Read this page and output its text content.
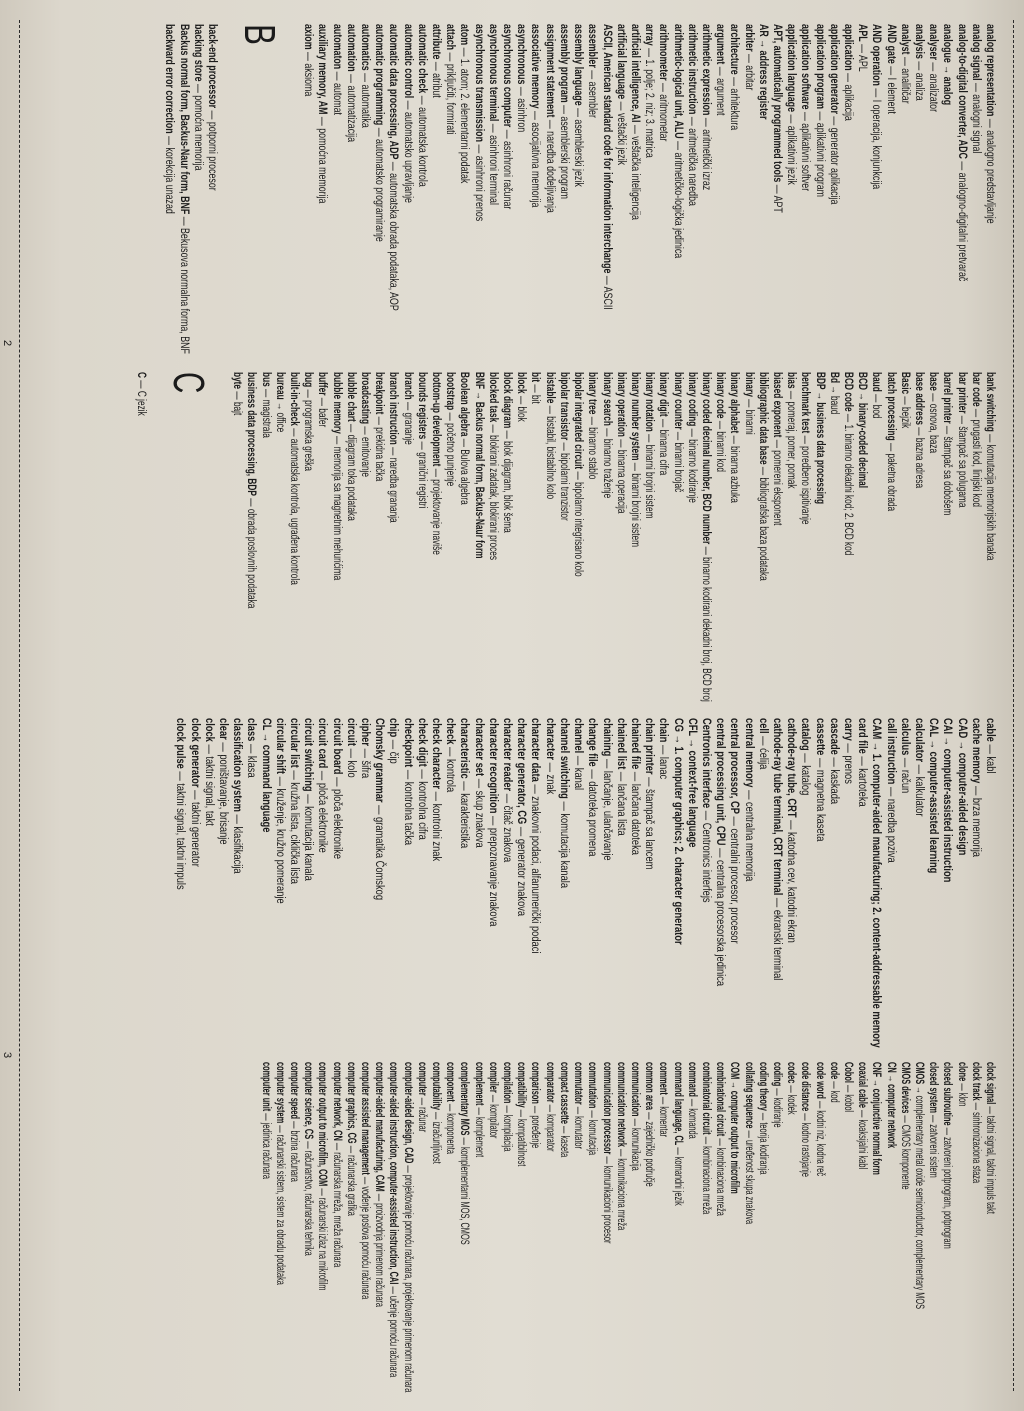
analog representation — analogno predstavljanje
analog signal — analogni signal
analog-to-digital converter, ADC — analogno-digitalni pretvarač
analogue → analog
analyser — analizator
analysis — analiza
analyst — analitičar
AND gate — I element
AND operation — I operacija, konjunkcija
APL — APL
application — aplikacija
application generator — generator aplikacija
application program — aplikativni program
application software — aplikativni softver
application language — aplikativni jezik
APT, automatically programmed tools — APT
AR → address register
arbiter — arbitar
architecture — arhitektura
argument — argument
arithmetic expression — aritmetički izraz
arithmetic instruction — aritmetička naredba
arithmetic-logical unit, ALU — aritmetičko-logička jedinica
arithmometer — aritmometar
array — 1. polje; 2. niz; 3. matrica
artificial intelligence, AI — veštačka inteligencija
artificial language — veštački jezik
ASCII, American standard code for information interchange — ASCII
assembler — asembler
assembly language — asemblerski jezik
assembly program — asemblerski program
assignment statement — naredba dodeljivanja
associative memory — asocijativna memorija
asynchronous — asinhron
asynchronous computer — asinhroni računar
asynchronous terminal — asinhroni terminal
asynchronous transmission — asinhroni prenos
atom — 1. atom; 2. elementarni podatak
attach — priključiti, formirati
attribute — atribut
automatic check — automatska kontrola
automatic control — automatsko upravljanje
automatic data processing, ADP — automatska obrada podataka, AOP
automatic programming — automatsko programiranje
automatics — automatika
automation — automatizacija
automaton — automat
auxiliary memory, AM — pomoćna memorija
axiom — aksioma
B
back-end processor — potporni procesor
backing store — pomoćna memorija
Backus normal form, Backus-Naur form, BNF — Bekusova normalna forma, BNF
backward error correction — korekcija unazad
bank switching — komutacija memorijskih banaka
bar code — prugasti kod, linijski kod
bar printer — štampač sa polugama
barrel printer — štampač sa dobošem
base — osnova, baza
base address — bazna adresa
Basic — bejzik
batch processing — paketna obrada
baud — bod
BCD → binary-coded decimal
BCD code — 1. binarno dekadni kod; 2. BCD kod
Bd → baud
BDP → business data processing
benchmark test — poredbeno ispitivanje
bias — pomeraj, pomer, pomak
biased exponent — pomereni eksponent
bibliographic data base — bibliografska baza podataka
binary — binarni
binary alphabet — binarna azbuka
binary code — binarni kod
binary coded decimal number, BCD number — binarno kodirani dekadni broj, BCD broj
binary coding — binarno kodiranje
binary counter — binarni brojač
binary digit — binarna cifra
binary notation — binarni brojni sistem
binary number system — binarni brojni sistem
binary operation — binarna operacija
binary search — binarno traženje
binary tree — binarno stablo
bipolar integrated circuit — bipolarno integrisano kolo
bipolar transistor — bipolarni tranzistor
bistable — bistabil, bistabilno kolo
bit — bit
block — blok
block diagram — blok dijagram, blok šema
blocked task — blokirani zadatak, blokirani proces
BNF → Backus normal form, Backus-Naur form
Boolean algebra — Bulova algebra
bootstrap — početno punjenje
bottom-up development — projektovanje naviše
bounds registers — granični registri
branch — grananje
branch instruction — naredba grananja
breakpoint — prekidna tačka
broadcasting — emitovanje
bubble chart — dijagram toka podataka
bubble memory — memorija sa magnetnim mehurićima
buffer — bafer
bug — programska greška
built-in-check — automatska kontrola, ugrađena kontrola
bureau → office
bus — magistrala
business data processing, BDP — obrada poslovnih podataka
byte — bajt
C
C — C jezik
cable — kabl
cache memory — brza memorija
CAD → computer-aided design
CAI → computer-assisted instruction
CAL → computer-assisted learning
calculator — kalkulator
calculus — račun
call instruction — naredba poziva
CAM → 1. computer-aided manufacturing; 2. content-addressable memory
card file — kartoteka
carry — prenos
cascade — kaskada
cassette — magnetna kaseta
catalog — katalog
cathode-ray tube, CRT — katodna cev, katodni ekran
cathode-ray tube terminal, CRT terminal — ekranski terminal
cell — ćelija
central memory — centralna memorija
central processor, CP — centralni procesor, procesor
central processing unit, CPU — centralna procesorska jedinica
Centronics interface — Centronics interfejs
CFL → context-free language
CG → 1. computer graphics; 2. character generator
chain — lanac
chain printer — štampač sa lancem
chained file — lančana datoteka
chained list — lančana lista
chaining — lančanje, ulančavanje
change file — datoteka promena
channel — kanal
channel switching — komutacija kanala
character — znak
character data — znakovni podaci, alfanumerički podaci
character generator, CG — generator znakova
character reader — čitač znakova
character recognition — prepoznavanje znakova
character set — skup znakova
characteristic — karakteristika
check — kontrola
check character — kontrolni znak
check digit — kontrolna cifra
checkpoint — kontrolna tačka
chip — čip
Chomsky grammar — gramatika Čomskog
cipher — šifra
circuit — kolo
circuit board — ploča elektronike
circuit card — ploča elektronike
circuit switching — komutacija kanala
circular list — kružna lista, ciklička lista
circular shift — kruženje, kružno pomeranje
CL → command language
class — klasa
classification system — klasifikacija
clear — poništavanje, brisanje
clock — taktni signal, takt
clock generator — taktni generator
clock pulse — taktni signal, taktni impuls
clock signal — taktni signal, taktni impuls takt
clock track — sinhronizaciona staza
clone — klon
closed subroutine — zatvoreni potprogram, potprogram
closed system — zatvoreni sistem
CMOS → complementary metal oxide semiconductor, complementary MOS
CMOS devices — CMOS komponente
CN → computer network
CNF → conjunctive normal form
coaxial cable — koaksijalni kabl
Cobol — kobol
code — kod
code word — kodni niz, kodna reč
code distance — kodno rastojanje
codec — kodek
coding — kodiranje
coding theory — teorija kodiranja
collating sequence — uređenost skupa znakova
COM → computer output to microfilm
combinational circuit — kombinaciona mreža
combinatorial circuit — kombinaciona mreža
command — komanda
command language, CL — komandni jezik
comment — komentar
common area — zajedničko područje
communication — komunikacija
communication network — komunikaciona mreža
communication processor — komunikacioni procesor
commutation — komutacija
commutator — komutator
compact cassette — kaseta
comparator — komparator
comparison — poređenje
compatibility — kompatibilnost
compilation — kompilacija
compiler — kompilator
complement — komplement
complementary MOS — komplementarni MOS, CMOS
component — komponenta
computability — izračunljivost
computer — računar
computer-aided design, CAD — projektovanje pomoću računara, projektovanje primenom računara
computer-aided instruction, computer-assisted instruction, CAI — učenje pomoću računara
computer-aided manufacturing, CAM — proizvodnja primenom računara
computer assisted management — vođenje poslova pomoću računara
computer graphics, CG — računarska grafika
computer network, CN — računarska mreža, mreža računara
computer output to microfilm, COM — računarski izlaz na mikrofilm
computer science, CS — računarstvo, računarska tehnika
computer speed — brzina računara
computer system — računarski sistem, sistem za obradu podataka
computer unit — jedinica računara
2
3
